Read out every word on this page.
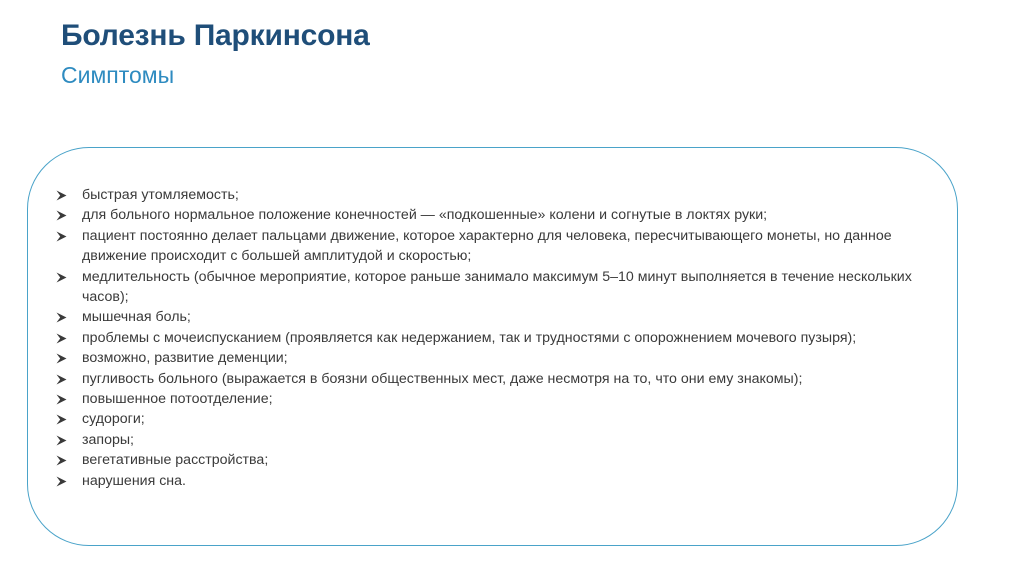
Болезнь Паркинсона
Симптомы
быстрая утомляемость;
для больного нормальное положение конечностей — «подкошенные» колени и согнутые в локтях руки;
пациент постоянно делает пальцами движение, которое характерно для человека, пересчитывающего монеты, но данное движение происходит с большей амплитудой и скоростью;
медлительность (обычное мероприятие, которое раньше занимало максимум 5–10 минут выполняется в течение нескольких часов);
мышечная боль;
проблемы с мочеиспусканием (проявляется как недержанием, так и трудностями с опорожнением мочевого пузыря);
возможно, развитие деменции;
пугливость больного (выражается в боязни общественных мест, даже несмотря на то, что они ему знакомы);
повышенное потоотделение;
судороги;
запоры;
вегетативные расстройства;
нарушения сна.
